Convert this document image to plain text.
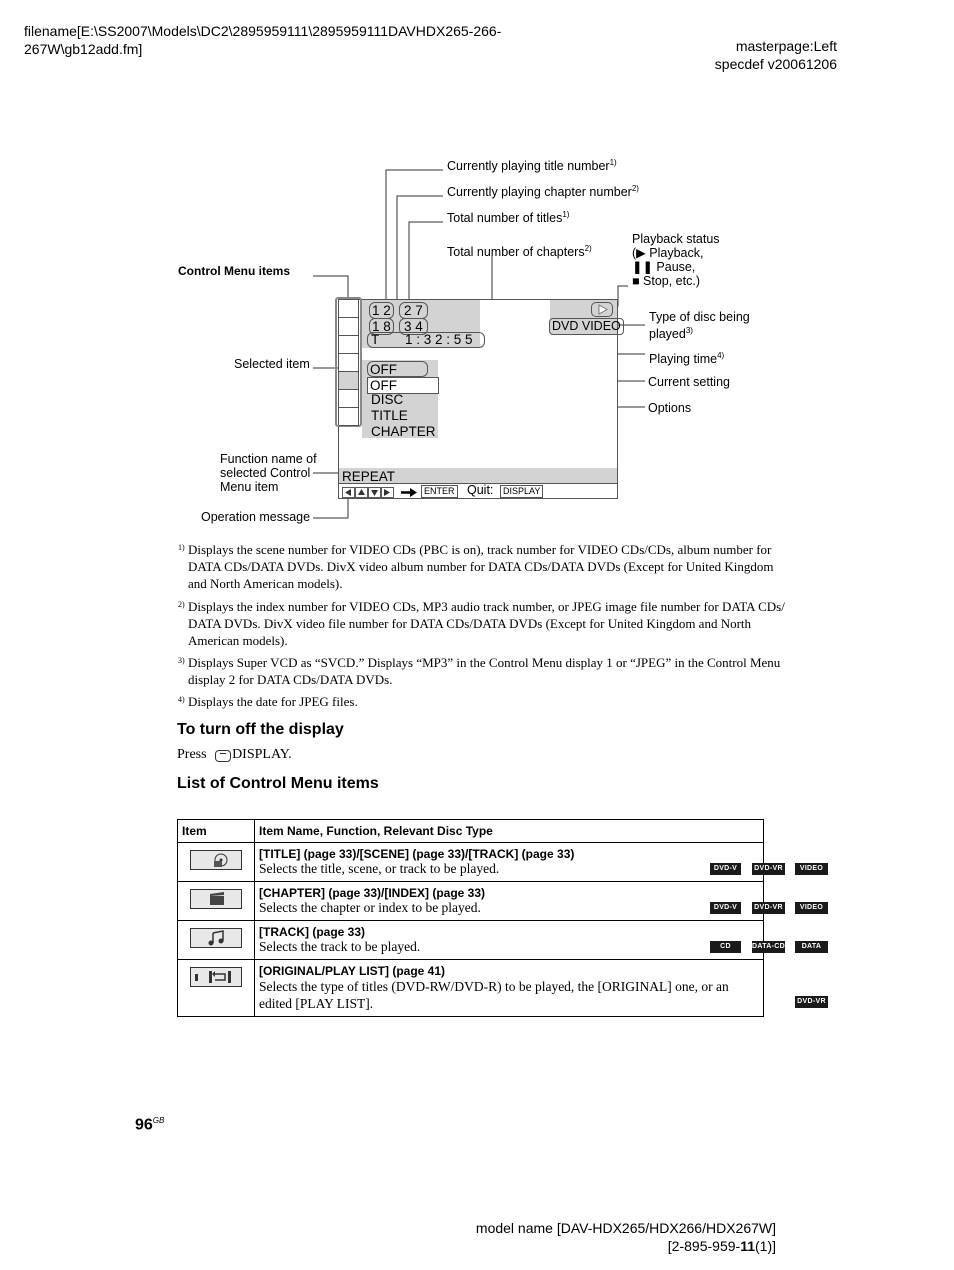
filename[E:\SS2007\Models\DC2\2895959111\2895959111DAVHDX265-266-
267W\gb12add.fm]	masterpage:Left
specdef v20061206
Currently playing title number$^{1)}$
Currently playing chapter number$^{2)}$
Total number of titles$^{1)}$
Total number of chapters$^{2)}$
Playback status
(▶ Playback,
❚❚ Pause,
■ Stop, etc.)
Control Menu items
Type of disc being
played$^{3)}$
Playing time$^{4)}$
Selected item
Current setting
Options
Function name of
selected Control
Menu item
Operation message
1 2 2 7
1 8 3 4
T 1 : 3 2 : 5 5
DVD VIDEO
OFF
OFF
DISC
TITLE
CHAPTER
REPEAT
ENTER Quit:	DISPLAY
1) Displays the scene number for VIDEO CDs (PBC is on), track number for VIDEO CDs/CDs, album number for DATA CDs/DATA DVDs. DivX video album number for DATA CDs/DATA DVDs (Except for United Kingdom and North American models).
2) Displays the index number for VIDEO CDs, MP3 audio track number, or JPEG image file number for DATA CDs/ DATA DVDs. DivX video file number for DATA CDs/DATA DVDs (Except for United Kingdom and North American models).
3) Displays Super VCD as “SVCD.” Displays “MP3” in the Control Menu display 1 or “JPEG” in the Control Menu display 2 for DATA CDs/DATA DVDs.
4) Displays the date for JPEG files.
To turn off the display
Press DISPLAY.
List of Control Menu items
Item	Item Name, Function, Relevant Disc Type

[TITLE] (page 33)/[SCENE] (page 33)/[TRACK] (page 33)
Selects the title, scene, or track to be played. DVD-V DVD-VR VIDEO CD

[CHAPTER] (page 33)/[INDEX] (page 33)
Selects the chapter or index to be played. DVD-V DVD-VR VIDEO CD

[TRACK] (page 33)
Selects the track to be played. CD DATA-CD DATA DVD

[ORIGINAL/PLAY LIST] (page 41)
Selects the type of titles (DVD-RW/DVD-R) to be played, the [ORIGINAL] one, or an edited [PLAY LIST]. DVD-VR
$96^{GB}$
model name [DAV-HDX265/HDX266/HDX267W]
[2-895-959-11(1)]
